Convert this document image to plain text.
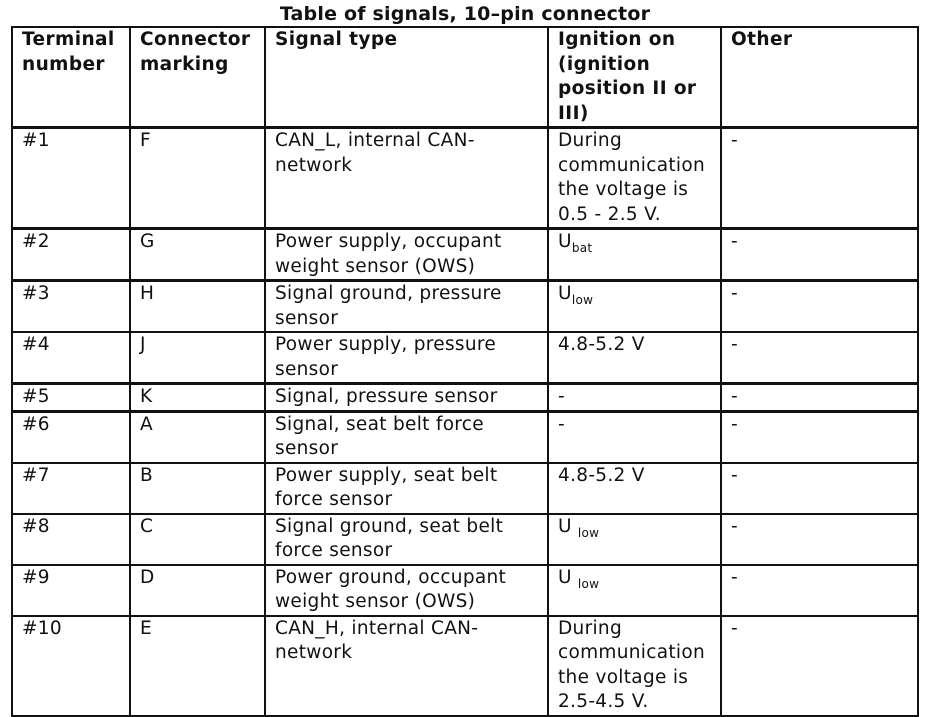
Table of signals, 10–pin connector
Terminal number	Connector marking	Signal type	Ignition on (ignition position II or III)	Other
#1	F	CAN_L, internal CAN-network	During communication the voltage is 0.5 - 2.5 V.	-
#2	G	Power supply, occupant weight sensor (OWS)	$U_{bat}$	-
#3	H	Signal ground, pressure sensor	$U_{low}$	-
#4	J	Power supply, pressure sensor	4.8-5.2 V	-
#5	K	Signal, pressure sensor	-	-
#6	A	Signal, seat belt force sensor	-	-
#7	B	Power supply, seat belt force sensor	4.8-5.2 V	-
#8	C	Signal ground, seat belt force sensor	U $_{low}$	-
#9	D	Power ground, occupant weight sensor (OWS)	U $_{low}$	-
#10	E	CAN_H, internal CAN-network	During communication the voltage is 2.5-4.5 V.	-
